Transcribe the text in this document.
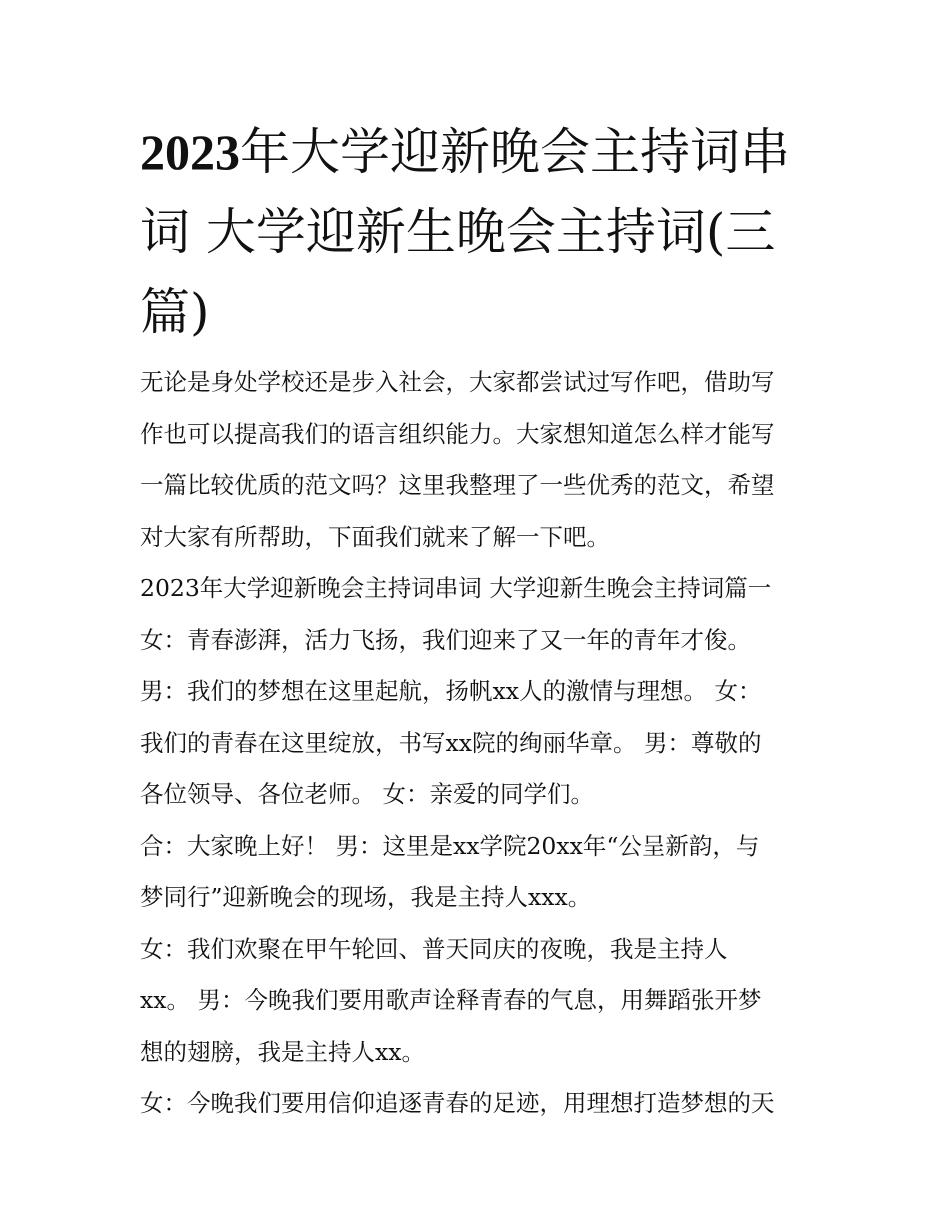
2023年大学迎新晚会主持词串
词 大学迎新生晚会主持词(三
篇)
无论是身处学校还是步入社会，大家都尝试过写作吧，借助写
作也可以提高我们的语言组织能力。大家想知道怎么样才能写
一篇比较优质的范文吗？这里我整理了一些优秀的范文，希望
对大家有所帮助，下面我们就来了解一下吧。
2023年大学迎新晚会主持词串词 大学迎新生晚会主持词篇一
女：青春澎湃，活力飞扬，我们迎来了又一年的青年才俊。
男：我们的梦想在这里起航，扬帆xx人的激情与理想。 女：
我们的青春在这里绽放，书写xx院的绚丽华章。 男：尊敬的
各位领导、各位老师。 女：亲爱的同学们。
合：大家晚上好！ 男：这里是xx学院20xx年“公呈新韵，与
梦同行”迎新晚会的现场，我是主持人xxx。
女：我们欢聚在甲午轮回、普天同庆的夜晚，我是主持人
xx。 男：今晚我们要用歌声诠释青春的气息，用舞蹈张开梦
想的翅膀，我是主持人xx。
女：今晚我们要用信仰追逐青春的足迹，用理想打造梦想的天
